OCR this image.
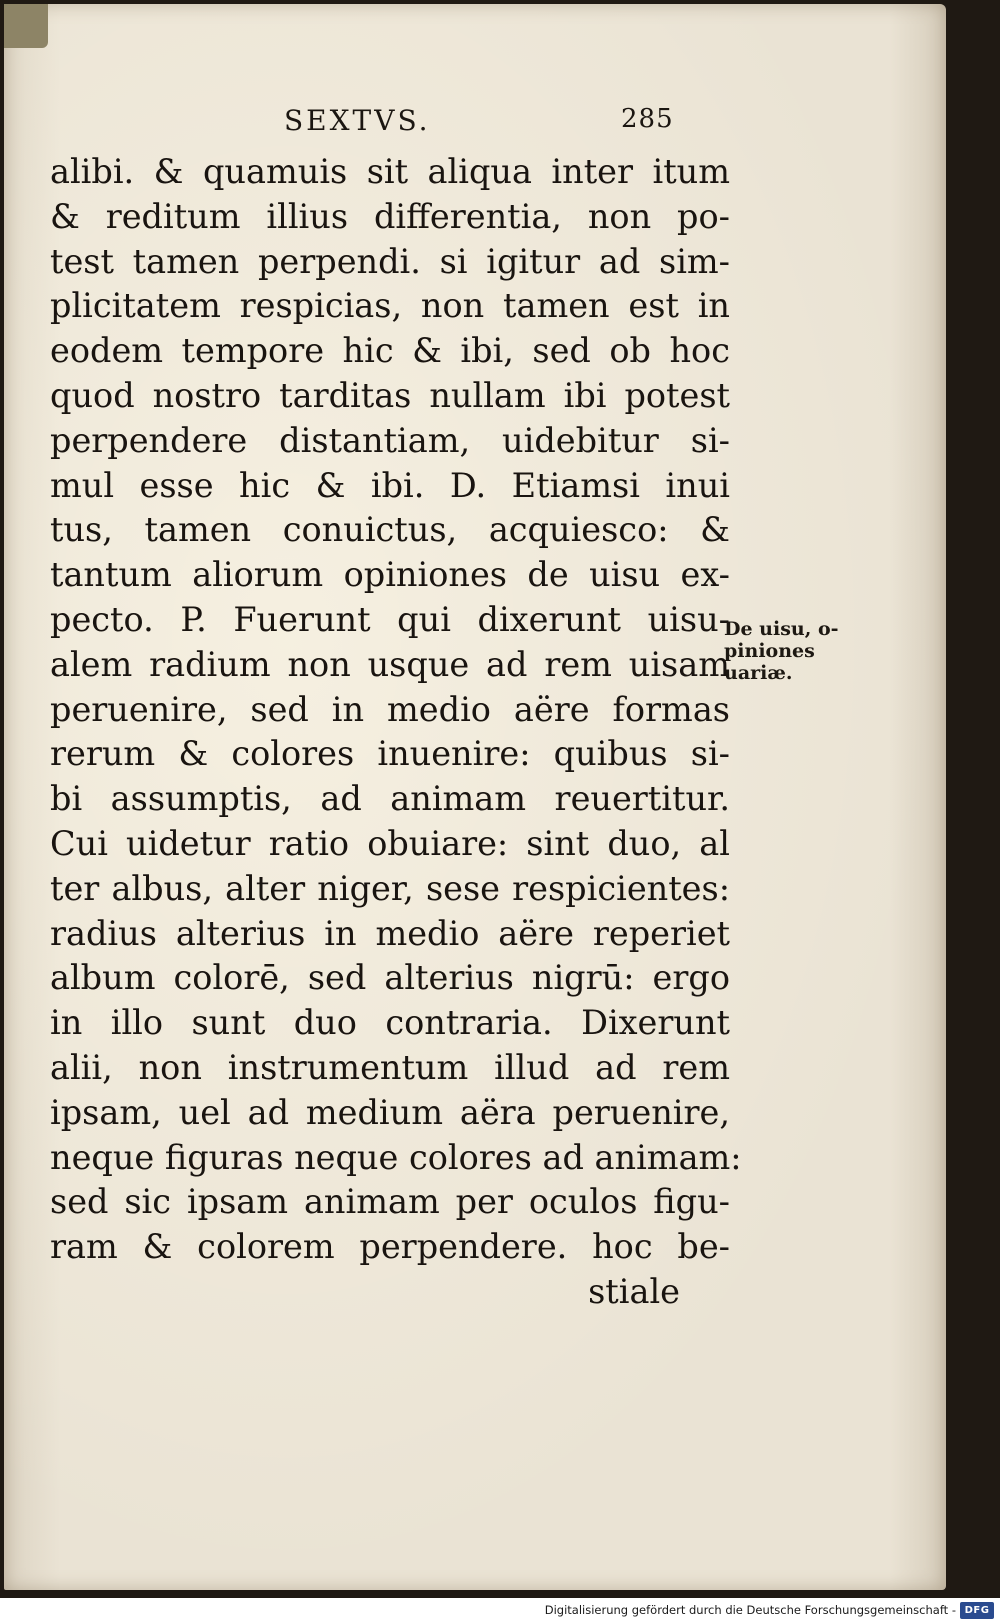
SEXTVS.	285
alibi. & quamuis sit aliqua inter itum
& reditum illius differentia, non po-
test tamen perpendi. si igitur ad sim-
plicitatem respicias, non tamen est in
eodem tempore hic & ibi, sed ob hoc
quod nostro tarditas nullam ibi potest
perpendere distantiam, uidebitur si-
mul esse hic & ibi. D. Etiamsi inui
tus, tamen conuictus, acquiesco: &
tantum aliorum opiniones de uisu ex-
pecto. P. Fuerunt qui dixerunt uisu-
alem radium non usque ad rem uisam
peruenire, sed in medio aëre formas
rerum & colores inuenire: quibus si-
bi assumptis, ad animam reuertitur.
Cui uidetur ratio obuiare: sint duo, al
ter albus, alter niger, sese respicientes:
radius alterius in medio aëre reperiet
album colorē, sed alterius nigrū: ergo
in illo sunt duo contraria. Dixerunt
alii, non instrumentum illud ad rem
ipsam, uel ad medium aëra peruenire,
neque figuras neque colores ad animam:
sed sic ipsam animam per oculos figu-
ram & colorem perpendere. hoc be-
stiale
De uisu, o-
piniones
uariæ.
Digitalisierung gefördert durch die Deutsche Forschungsgemeinschaft - DFG
